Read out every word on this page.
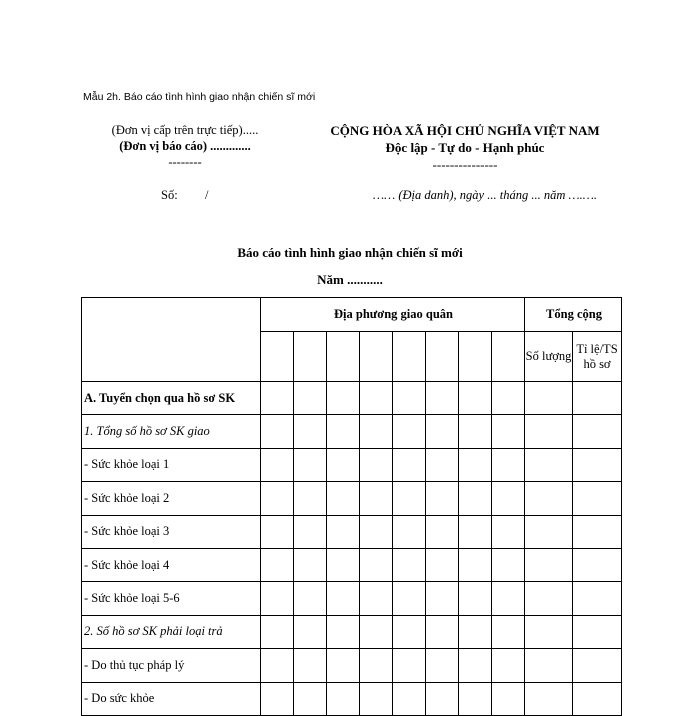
Mẫu 2h. Báo cáo tình hình giao nhận chiến sĩ mới
(Đơn vị cấp trên trực tiếp).....
(Đơn vị báo cáo) .............
--------
CỘNG HÒA XÃ HỘI CHỦ NGHĨA VIỆT NAM
Độc lập - Tự do - Hạnh phúc
---------------
Số: /	…… (Địa danh), ngày ... tháng ... năm ….….
Báo cáo tình hình giao nhận chiến sĩ mới
Năm ...........
	Địa phương giao quân								Tổng cộng	
									Số lượng	Tỉ lệ/TS hồ sơ
A. Tuyển chọn qua hồ sơ SK										
1. Tổng số hồ sơ SK giao										
- Sức khỏe loại 1										
- Sức khỏe loại 2										
- Sức khỏe loại 3										
- Sức khỏe loại 4										
- Sức khỏe loại 5-6										
2. Số hồ sơ SK phải loại trả										
- Do thủ tục pháp lý										
- Do sức khỏe										
